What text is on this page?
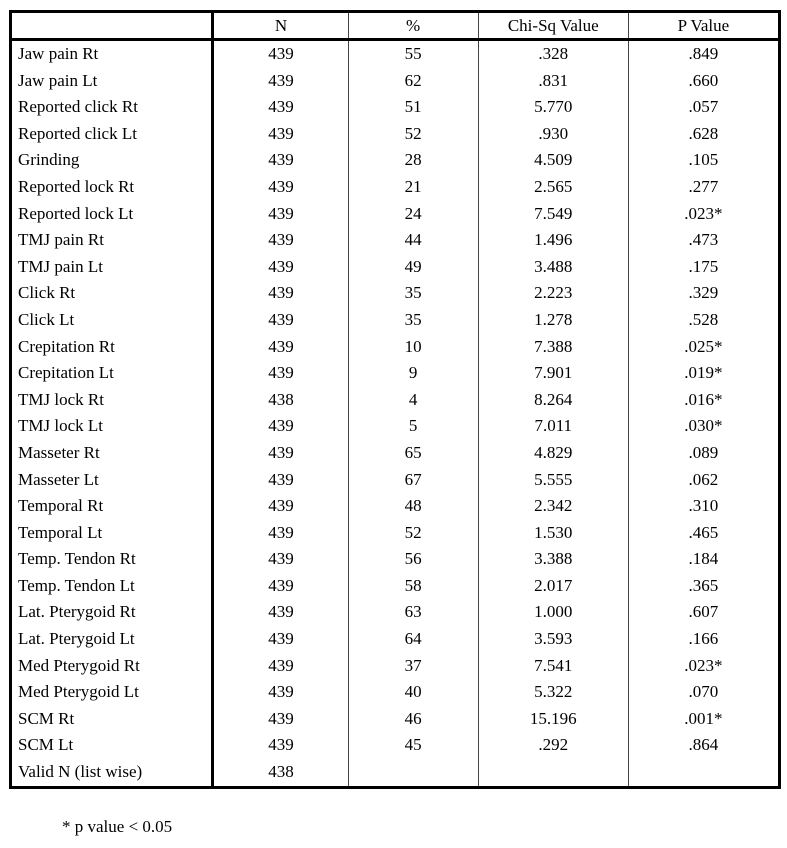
	N	%	Chi-Sq Value	P Value
Jaw pain Rt	439	55	.328	.849
Jaw pain Lt	439	62	.831	.660
Reported click Rt	439	51	5.770	.057
Reported click Lt	439	52	.930	.628
Grinding	439	28	4.509	.105
Reported lock Rt	439	21	2.565	.277
Reported lock Lt	439	24	7.549	.023*
TMJ pain Rt	439	44	1.496	.473
TMJ pain Lt	439	49	3.488	.175
Click Rt	439	35	2.223	.329
Click Lt	439	35	1.278	.528
Crepitation Rt	439	10	7.388	.025*
Crepitation Lt	439	9	7.901	.019*
TMJ lock Rt	438	4	8.264	.016*
TMJ lock Lt	439	5	7.011	.030*
Masseter Rt	439	65	4.829	.089
Masseter Lt	439	67	5.555	.062
Temporal Rt	439	48	2.342	.310
Temporal Lt	439	52	1.530	.465
Temp. Tendon Rt	439	56	3.388	.184
Temp. Tendon Lt	439	58	2.017	.365
Lat. Pterygoid Rt	439	63	1.000	.607
Lat. Pterygoid Lt	439	64	3.593	.166
Med Pterygoid Rt	439	37	7.541	.023*
Med Pterygoid Lt	439	40	5.322	.070
SCM Rt	439	46	15.196	.001*
SCM Lt	439	45	.292	.864
Valid N (list wise)	438			
* p value < 0.05
